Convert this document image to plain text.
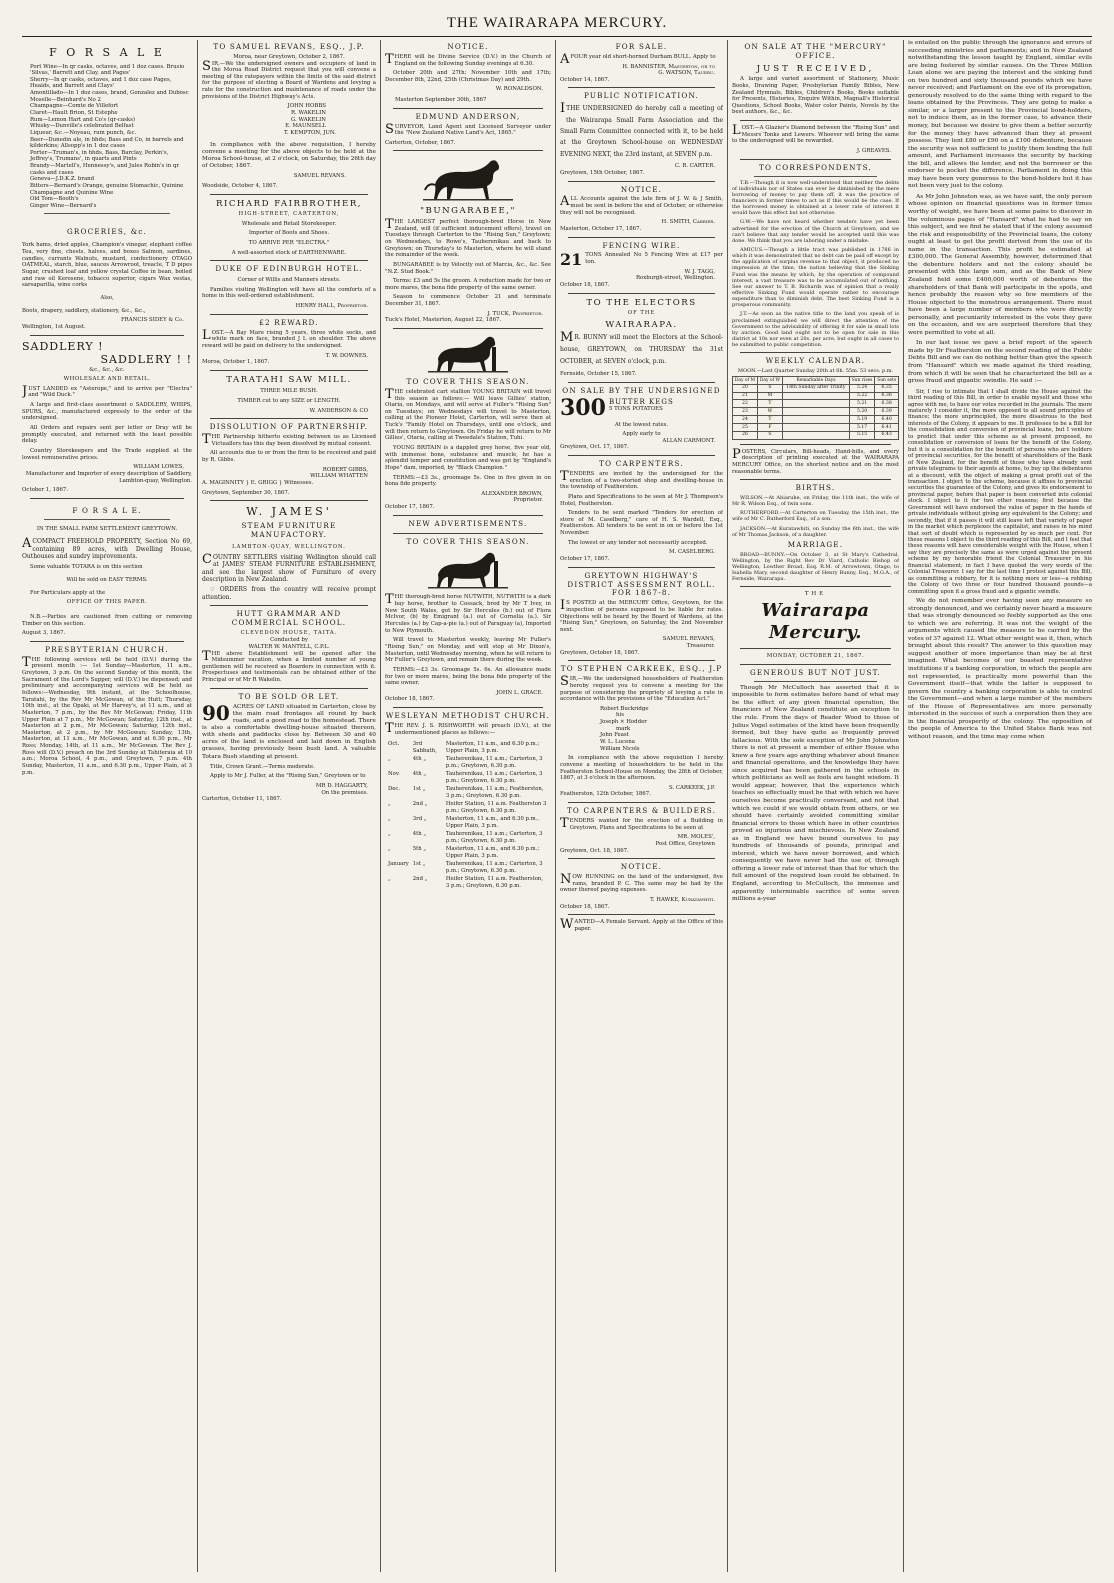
THE WAIRARAPA MERCURY.
F O R S A L E
Port Wine—In qr casks, octaves, and 1 doz cases. Brusio 'Silvas,' Barrett and Clay, and Pages'
Sherry—In qr casks, octaves, and 1 doz case Pages, Heaids, and Barrett and Clays'
Amontillado—In 1 doz cases, brand, Gonzalez and Dubosc
Moselle—Beinhard's No 2
Champagne—Comte de Villefort
Claret—Hault Brion, St Estephe
Rum—Lemon Hart and Co's (qr-casks)
Whisky—Dunville's celebrated Belfast
Liqueur, &c.—Noyeau, rum punch, &c.
Beer—Dunedin ale, in hhds; Bass and Co, in barrels and kilderkins; Allsopp's in 1 doz cases
Porter—Truman's, in hhds, Bass, Barclay, Perkin's, Jeffrey's, Trumans', in quarts and Pints
Brandy—Martell's, Hennessy's, and Jules Robin's in qr casks and cases
Geneva—J.D.K.Z. brand
Bitters—Bernard's Orange, genuine Stomachic, Quinine Champagne and Quinine Wine
Old Tom—Booth's
Ginger Wine—Bernard's
GROCERIES, &c.
York hams, dried apples, Champion's vinegar, elephant coffee Tea, very fine, chests, halves, and boxes Salmon, sardines, candles, currants Walnuts, mustard, confectionery OTAGO OATMEAL, starch, blue, sauces Arrowroot, treacle, T D pipes Sugar, crushed loaf and yellow crystal Coffee in bean, boiled and raw oil Kerosene, tobacco superior, cigars Wax vestas, sarsaparilla, wine corks
Also,
Boots, drapery, saddlery, stationery, &c., &c.,
FRANCIS SIDEY & Co.
Wellington, 1st August.
SADDLERY !
SADDLERY ! !
&c., &c., &c.
WHOLESALE AND RETAIL.
JUST LANDED ex "Asterope," and to arrive per "Electra" and "Wild Duck."
A large and first-class assortment o SADDLERY, WHIPS, SPURS, &c., manufactured expressly to the order of the undersigned.
All Orders and repairs sent per letter or Dray will be promptly executed, and returned with the least possible delay.
Country Storekeepers and the Trade supplied at the lowest remunerative prices.
WILLIAM LOWES,
Manufacturer and Importer of every description of Saddlery, Lambton-quay, Wellington.
October 1, 1867.
F O R S A L E.
IN THE SMALL FARM SETTLEMENT GREYTOWN.
ACOMPACT FREEHOLD PROPERTY, Section No 69, containing 89 acres, with Dwelling House, Outhouses and sundry improvements.
Some valuable TOTARA is on this section
Will be sold on EASY TERMS.
For Particulars apply at the
OFFICE OF THIS PAPER.
N.B.—Parties are cautioned from cutting or removing Timber on this section.
August 3, 1867.
PRESBYTERIAN CHURCH.
THE following services will be held (D.V.) during the present month :— 1st Sunday—Masterton, 11 a.m., Greytown, 3 p.m. On the second Sunday of this month, the Sacrament of the Lord's Supper, will (D.V.) be dispensed; and preliminary and accompanying services will be held as follows:—Wednesday, 9th instant, at the Schoolhouse, Taratahi, by the Rev Mr McGowan, of the Hutt; Thursday, 10th inst., at the Opaki, at Mr Harvey's, at 11 a.m., and at Masterton, 7 p.m., by the Rev Mr McGowan; Friday, 11th Upper Plain at 7 p.m., Mr McGowan; Saturday, 12th inst., at Masterton at 2 p.m., Mr McGowan; Saturday, 12th inst., Masterton, at 2 p.m., by Mr McGowan; Sunday, 13th, Masterton, at 11 a.m., Mr McGowan, and at 6.30 p.m., Mr Ross; Monday, 14th, at 11 a.m., Mr McGowan. The Rev J. Ross will (D.V.) preach on the 3rd Sunday at Tahiteraia at 10 a.m.; Moroa School, 4 p.m., and Greytown, 7 p.m. 4th Sunday, Masterton, 11 a.m., and 6.30 p.m., Upper Plain, at 3 p.m.
TO SAMUEL REVANS, ESQ., J.P.
Moroa, near Greytown, October 2, 1867.
SIR,—We the undersigned owners and occupiers of land in the Moroa Road District request that you will convene a meeting of the ratepayers within the limits of the said district for the purpose of electing a Board of Wardens and levying a rate for the construction and maintenance of roads under the provisions of the District Highway's Acts.
JOHN HOBBS
R. WAKELIN
G. WAKELIN
E. MAUNSELL
T. KEMPTON, JUN.
In compliance with the above requisition, I hereby convene a meeting for the above objects to be held at the Moroa School-house, at 2 o'clock, on Saturday, the 26th day of October, 1867.
SAMUEL REVANS.
Woodside, October 4, 1867.
RICHARD FAIRBROTHER,
HIGH-STREET, CARTERTON,
Wholesale and Retail Storekeeper.
Importer of Boots and Shoes.
TO ARRIVE PER "ELECTRA."
A well-assorted stock of EARTHENWARE.
DUKE OF EDINBURGH HOTEL.
Corner of Willis and Manners streets.
Families visiting Wellington will have all the comforts of a home in this well-ordered establishment.
HENRY HALL, Proprietor.
£2 REWARD.
LOST.—A Bay Mare rising 5 years, three white socks, and white mark on face, branded J L on shoulder. The above reward will be paid on delivery to the undersigned.
T. W. DOWNES.
Moroa, October 1, 1867.
TARATAHI SAW MILL.
THREE MILE BUSH.
TIMBER cut to any SIZE or LENGTH.
W. ANDERSON & CO
DISSOLUTION OF PARTNERSHIP.
THE Partnership hitherto existing between us as Licensed Victuallers has this day been dissolved by mutual consent.
All accounts due to or from the firm to be received and paid by R. Gibbs.
ROBERT GIBBS,
WILLIAM WHATTEN
A. MAGINNITY } E. GRIGG } Witnesses.
Greytown, September 30, 1867.
W. JAMES'
STEAM FURNITURE MANUFACTORY.
LAMBTON-QUAY, WELLINGTON.
COUNTRY SETTLERS visiting Wellington should call at JAMES' STEAM FURNITURE ESTABLISHMENT, and see the largest show of Furniture of every description in New Zealand.
☞ ORDERS from the country will receive prompt attention.
HUTT GRAMMAR AND COMMERCIAL SCHOOL.
CLEVEDON HOUSE, TAITA.
Conducted by
WALTER W. MANTELL, C.P.L.
THE above Establishment will be opened after the Midsummer vacation, when a limited number of young gentlemen will be received as Boarders in connection with it. Prospectuses and testimonials can be obtained either of the Principal or of Mr R Wakelin.
TO BE SOLD OR LET.
90 ACRES OF LAND situated in Carterton, close by the main road frontages all round by back roads, and a good road to the homestead. There is also a comfortable dwelling-house situated thereon, with sheds and paddocks close by. Between 30 and 40 acres of the land is enclosed and laid down in English grasses, having previously been bush land. A valuable Totara Bush standing at present.
Title, Crown Grant.—Terms moderate.
Apply to Mr J. Fuller, at the "Rising Sun," Greytown or to
MR D. HAGGARTY,
On the premises.
Carterton, October 11, 1867.
NOTICE.
THERE will be Divine Service (D.V.) in the Church of England on the following Sunday evenings at 6.30.
October 20th and 27th; November 10th and 17th; December 8th, 22nd, 25th (Christmas Day) and 29th.
W. RONALDSON.
Masterton September 30th, 1867
EDMUND ANDERSON,
SURVEYOR, Land Agent and Licensed Surveyor under the "New Zealand Native Land's Act, 1865."
Carterton, October, 1867.
"BUNGARABEE,"
THE LARGEST perfect thorough-bred Horse in New Zealand, will (if sufficient inducement offers), travel on Tuesdays through Carterton to the "Rising Sun," Greytown; on Wednesdays, to Rowe's, Tauherenikau and back to Greytown; on Thursday's to Masterton, where he will stand the remainder of the week.
BUNGARABEE is by Velocity out of Marcia, &c., &c. See "N.Z. Stud Book."
Terms: £3 and 5s the groom. A reduction made for two or more mares, the bona fide property of the same owner.
Season to commence October 21 and terminate December 31, 1867.
J. TUCK, Proprietor.
Tuck's Hotel, Masterton, August 22, 1867.
TO COVER THIS SEASON.
THE celebrated cart stallion YOUNG BRITAIN will travel this season as follows:— Will leave Gillies' station, Otaria, on Mondays, and will serve at Fuller's "Rising Sun" on Tuesdays; on Wednesdays will travel to Masterton, calling at the Pioneer Hotel, Carterton, will serve then at Tuck's "Family Hotel on Thursdays, until one o'clock, and will then return to Greytown. On Friday he will return to Mr Gillies', Otaria, calling at Tweedale's Station, Tuhi.
YOUNG BRITAIN is a dappled grey horse, five year old, with immense bone, substance and muscle, he has a splendid temper and constitution and was got by "England's Hope" dam, imported, by "Black Champion."
TERMS:—£3 3s., groomage 5s. One in five given in on bona fide property.
ALEXANDER BROWN,
Proprietor.
October 17, 1867.
NEW ADVERTISEMENTS.
TO COVER THIS SEASON.
THE thorough-bred horse NUTWITH, NUTWITH is a dark bay horse, brother to Cossack, bred by Mr T Ivey, in New South Wales, got by Sir Hercules (b.) out of Flora McIvor, (b) by Emigrant (a.) out of Cornelia (a.). Sir Hercules (a.) by Cap-a-pie (a.) out of Paraguay (a), Imported to New Plymouth.
Will travel to Masterton weekly, leaving Mr Fuller's "Rising Sun," on Monday, and will stop at Mr Dixon's, Masterton, until Wednesday morning, when he will return to Mr Fuller's Greytown, and remain there during the week.
TERMS:—£3 3s. Groomage 5s. 6s. An allowance made for two or more mares, being the bona fide property of the same owner.
JOHN L. GRACE.
October 18, 1867.
WESLEYAN METHODIST CHURCH.
THE REV. J. S. RISHWORTH will preach (D.V.), at the undermentioned places as follows:—
Oct.	3rd Sabbath,	Masterton, 11 a.m., and 6.30 p.m.; Upper Plain, 3 p.m.
„	4th „	Tauherenikau, 11 a.m.; Carterton, 3 p.m.; Greytown, 6.30 p.m.
Nov.	4th „	Tauherenikau, 11 a.m.; Carterton, 3 p.m.; Greytown, 6.30 p.m.
Dec.	1st „	Tauherenikau, 11 a.m.; Featherston, 3 p.m.; Greytown, 6.30 p.m.
„	2nd „	Heifer Station, 11 a.m. Featherston 3 p.m.; Greytown, 6.30 p.m.
„	3rd „	Masterton, 11 a.m., and 6.30 p.m., Upper Plain, 3 p.m.
„	4th „	Tauherenikau, 11 a.m.; Carterton, 3 p.m.; Greytown, 6.30 p.m.
„	5th „	Masterton, 11 a.m., and 6.30 p.m.; Upper Plain, 3 p.m.
January	1st „	Tauherenikau, 11 a.m.; Carterton, 3 p.m.; Greytown, 6.30 p.m.
„	2nd „	Heifer Station, 11 a.m. Featherston, 3 p.m.; Greytown, 6.30 p.m.
FOR SALE.
AFOUR year old short-horned Durham BULL. Apply to
H. BANNISTER, Masterton, or to
G. WATSON, Taueru.
October 14, 1867.
PUBLIC NOTIFICATION.
ITHE UNDERSIGNED do hereby call a meeting of the Wairarapa Small Farm Association and the Small Farm Committee connected with it, to be held at the Greytown School-house on WEDNESDAY EVENING NEXT, the 23rd instant, at SEVEN p.m.
C. R. CARTER.
Greytown, 15th October, 1867.
NOTICE.
ALL Accounts against the late firm of J. W. & J Smith, must be sent in before the end of October, or otherwise they will not be recognised.
H. SMITH, Carrier.
Masterton, October 17, 1867.
FENCING WIRE.
21 TONS Annealed No 5 Fencing Wire at £17 per ton.
W. J. TAGG,
Roxburgh-street, Wellington.
October 18, 1867.
TO THE ELECTORS
OF THE
WAIRARAPA.
MR. BUNNY will meet the Electors at the School-house, GREYTOWN, on THURSDAY the 31st OCTOBER, at SEVEN o'clock, p.m.
Fernside, October 15, 1867.
ON SALE BY THE UNDERSIGNED
300 BUTTER KEGS
5 TONS POTATOES
At the lowest rates.
Apply early to
ALLAN CARMONT.
Greytown, Oct. 17, 1867.
TO CARPENTERS.
TENDERS are invited by the undersigned for the erection of a two-storied shop and dwelling-house in the township of Featherston.
Plans and Specifications to be seen at Mr J. Thompson's Hotel, Featherston.
Tenders to be sent marked "Tenders for erection of store of M. Caselberg," care of H. S. Wardell, Esq., Featherston. All tenders to be sent in on or before the 1st November.
The lowest or any tender not necessarily accepted.
M. CASELBERG.
October 17, 1867.
GREYTOWN HIGHWAY'S DISTRICT ASSESSMENT ROLL. FOR 1867-8.
IS POSTED at the MERCURY Office, Greytown, for the inspection of persons supposed to be liable for rates. Objections will be heard by the Board of Wardens, at the "Rising Sun," Greytown, on Saturday, the 2nd November next.
SAMUEL REVANS,
Treasurer.
Greytown, October 18, 1867.
TO STEPHEN CARKEEK, ESQ., J.P
SIR,—We the undersigned householders of Featherston hereby request you to convene a meeting for the purpose of considering the propriety of levying a rate in accordance with the provisions of the "Education Act."
Robert Buckridge
his
Joseph × Hodder
mark
John Feast
W. L. Lucena
William Nicols
In compliance with the above requisition I hereby convene a meeting of householders to be held in the Featherston School-House on Monday, the 28th of October, 1867, at 3 o'clock in the afternoon.
S. CARKEEK, J.P.
Featherston, 12th October, 1867.
TO CARPENTERS & BUILDERS.
TENDERS wanted for the erection of a Building in Greytown, Plans and Specifications to be seen at
MR. MOLES',
Post Office, Greytown
Greytown, Oct. 18, 1867.
NOTICE.
NOW RUNNING on the land of the undersigned, five rams, branded P. C. The same may be had by the owner thereof paying expenses.
T. HAWKE, Kuratawhiti.
October 18, 1867.
WANTED—A Female Servant. Apply at the Office of this paper.
ON SALE AT THE "MERCURY" OFFICE.
JUST RECEIVED,
A large and varied assortment of Stationery, Music Books, Drawing Paper, Presbyterian Family Bibles, New Zealand Hymnals, Bibles, Children's Books, Books suitable for Presents, Histories, Enquire Within, Magnall's Historical Questions, School Books, Water color Paints, Novels by the best authors, &c., &c.
LOST.—A Glazier's Diamond between the "Rising Sun" and Messrs Tonks and Lewers. Whoever will bring the same to the undersigned will be rewarded.
J. GREAVES.
TO CORRESPONDENTS.
T.B.—Though it is now well-understood that neither the debts of individuals nor of States can ever be diminished by the mere borrowing of money to pay them off, it was the practice of financiers in former times to act as if this would be the case. If the borrowed money is obtained at a lower rate of interest it would have this effect but not otherwise.
G.W.—We have not heard whether tenders have yet been advertised for the erection of the Church at Greytown, and we can't believe that any tender would be accepted until this was done. We think that you are laboring under a mistake.
AMICUS.—Though a little tract was published in 1786 in which it was demonstrated that no debt can be paid off except by the application of surplus revenue to that object, it produced no impression at the time, the nation believing that the Sinking Fund was the means by which, by the operation of compound interest, a vast treasure was to be accumulated out of nothing. See our answer to T. B. Richards was of opinion that a really effective Sinking Fund would operate rather to encourage expenditure than to diminish debt. The best Sinking Fund is a prosperous community.
J.T.—As soon as the native title to the land you speak of is proclaimed extinguished we will direct the attention of the Government to the advisability of offering it for sale in small lots by auction. Good land ought not to be open for sale in this district at 10s nor even at 20s. per acre, but ought in all cases to be submitted to public competition.
WEEKLY CALENDAR.
MOON.—Last Quarter Sunday 20th at 8h. 55m. 53 secs. p.m.
Day of M	Day of W	Remarkable Days	Sun rises	Sun sets
20	S	18th Sunday after Trinity	5.24	6.35
21	M		5.22	6.36
22	T		5.21	6.38
23	W		5.20	6.39
24	T		5.19	6.40
25	F		5.17	6.41
26	S		5.15	6.43
POSTERS, Circulars, Bill-heads, Hand-bills, and every description of printing executed at the WAIRARAPA MERCURY Office, on the shortest notice and on the most reasonable terms.
BIRTHS.
WILSON.—At Ahiaruhe, on Friday, the 11th inst., the wife of Mr R. Wilson Esq., of twin sons.
RUTHERFORD.—At Carterton on Tuesday, the 15th inst., the wife of Mr C. Rutherford Esq., of a son.
JACKSON.—At Kuratawhiti, on Sunday the 6th inst., the wife of Mr Thomas Jackson, of a daughter.
MARRIAGE.
BROAD—BUNNY.—On October 3, at St Mary's Cathedral, Wellington, by the Right Rev Dr Viard, Catholic Bishop of Wellington, Lowther Broad, Esq. R.M. of Arrowtown, Otago, to Isabella Mary, second daughter of Henry Bunny, Esq., M.G.A., of Fernside, Wairarapa.
THE
Wairarapa Mercury.
MONDAY, OCTOBER 21, 1867.
GENEROUS BUT NOT JUST.
Though Mr McCulloch has asserted that it is impossible to form estimates before hand of what may be the effect of any given financial operation, the financiers of New Zealand constitute an exception to the rule. From the days of Reader Wood to those of Julius Vogel estimates of the kind have been frequently formed, but they have quite as frequently proved fallacious. With the sole exception of Mr John Johnston there is not at present a member of either House who knew a few years ago anything whatever about finance and financial operations, and the knowledge they have since acquired has been gathered in the schools in which politicians as well as fools are taught wisdom. It would appear, however, that the experience which teaches so effectually must be that with which we have ourselves become practically conversant, and not that which we could if we would obtain from others, or we should have certainly avoided committing similar financial errors to those which have in other countries proved so injurious and mischievous. In New Zealand as in England we have bound ourselves to pay hundreds of thousands of pounds, principal and interest, which we have never borrowed, and which consequently we have never had the use of, through offering a lower rate of interest than that for which the full amount of the required loan could be obtained. In England, according to McCulloch, the immense and apparently interminable sacrifice of some seven millions a-year
is entailed on the public through the ignorance and errors of succeeding ministries and parliaments; and in New Zealand notwithstanding the lesson taught by England, similar evils are being fostered by similar causes. On the Three Million Loan alone we are paying the interest and the sinking fund on two hundred and sixty thousand pounds which we have never received; and Parliament on the eve of its prorogation, generously resolved to do the same thing with regard to the loans obtained by the Provinces. They are going to make a similar, or a larger present to the Provincial bond-holders, not to induce them, as in the former case, to advance their money, but because we desire to give them a better security for the money they have advanced than they at present possess. They lent £80 or £90 on a £100 debenture, because the security was not sufficient to justify them lending the full amount, and Parliament increases the security by backing the bill, and allows the lender, and not the borrower or the endorser to pocket the difference. Parliament in doing this may have been very generous to the bond-holders but it has not been very just to the colony.
As Mr John Johnston was, as we have said, the only person whose opinion on financial questions was in former times worthy of weight, we have been at some pains to discover in the voluminous pages of "Hansard" what he had to say on this subject, and we find he stated that if the colony assumed the risk and responsibility of the Provincial loans, the colony ought at least to get the profit derived from the use of its name in the transaction. This profit he estimated at £300,000. The General Assembly, however, determined that the debenture holders and not the colony should be presented with this large sum, and as the Bank of New Zealand held some £400,000 worth of debentures the shareholders of that Bank will participate in the spoils, and hence probably the reason why so few members of the House objected to the monstrous arrangement. There must have been a large number of members who were directly personally, and pecuniarily interested in the vote they gave on the occasion, and we are surprised therefore that they were permitted to vote at all.
In our last issue we gave a brief report of the speech made by Dr Featherston on the second reading of the Public Debts Bill and we can do nothing better than give the speech from "Hansard" which we made against its third reading, from which it will be seen that he characterized the bill as a gross fraud and gigantic swindle. He said :—
Sir, I rise to intimate that I shall divide the House against the third reading of this Bill, in order to enable myself and those who agree with me, to have our votes recorded in the journals. The more maturely I consider it, the more opposed to all sound principles of finance; the more unprincipled, the more disastrous to the best interests of the Colony, it appears to me. It professes to be a Bill for the consolidation and conversion of provincial loans, but I venture to predict that under this scheme as at present proposed, no consolidation or conversion of loans for the benefit of the Colony, but it is a consolidation for the benefit of persons who are holders of provincial securities, for the benefit of shareholders of the Bank of New Zealand, for the benefit of those who have already sent private telegrams to their agents at home, to buy up the debentures at a discount, with the object of making a great profit out of the transaction. I object to the scheme, because it affixes to provincial securities the guarantee of the Colony, and gives its endorsement to provincial paper, before that paper is been converted into colonial stock. I object to it for two other reasons; first because the Government will have endorsed the value of paper in the hands of private individuals without giving any equivalent to the Colony; and secondly, that if it passes it will still leave left that variety of paper in the market which perplexes the capitalist, and raises in his mind that sort of doubt which is represented by so much per cent. For these reasons I object to the third reading of this Bill, and I feel that these reasons will have considerable weight with the House, when I say they are precisely the same as were urged against the present scheme by my honorable friend the Colonial Treasurer in his financial statement; in fact I have quoted the very words of the Colonial Treasurer. I say for the last time I protest against this Bill, as committing a robbery, for it is nothing more or less—a robbing the Colony of two three or four hundred thousand pounds—a committing upon it a gross fraud and a gigantic swindle.
We do not remember ever having seen any measure so strongly denounced, and we certainly never heard a measure that was strongly denounced so feebly supported as the one to which we are referring. It was not the weight of the arguments which caused the measure to be carried by the votes of 37 against 12. What other weight was it, then, which brought about this result? The answer to this question may suggest another of more importance than may be at first imagined. What becomes of our boasted representative institutions if a banking corporation, in which the people are not represented, is practically more powerful than the Government itself—that while the latter is supposed to govern the country a banking corporation is able to control the Government—and when a large number of the members of the House of Representatives are more personally interested in the success of such a corporation then they are in the financial prosperity of the colony. The opposition of the people of America to the United States Bank was not without reason, and the time may come when
